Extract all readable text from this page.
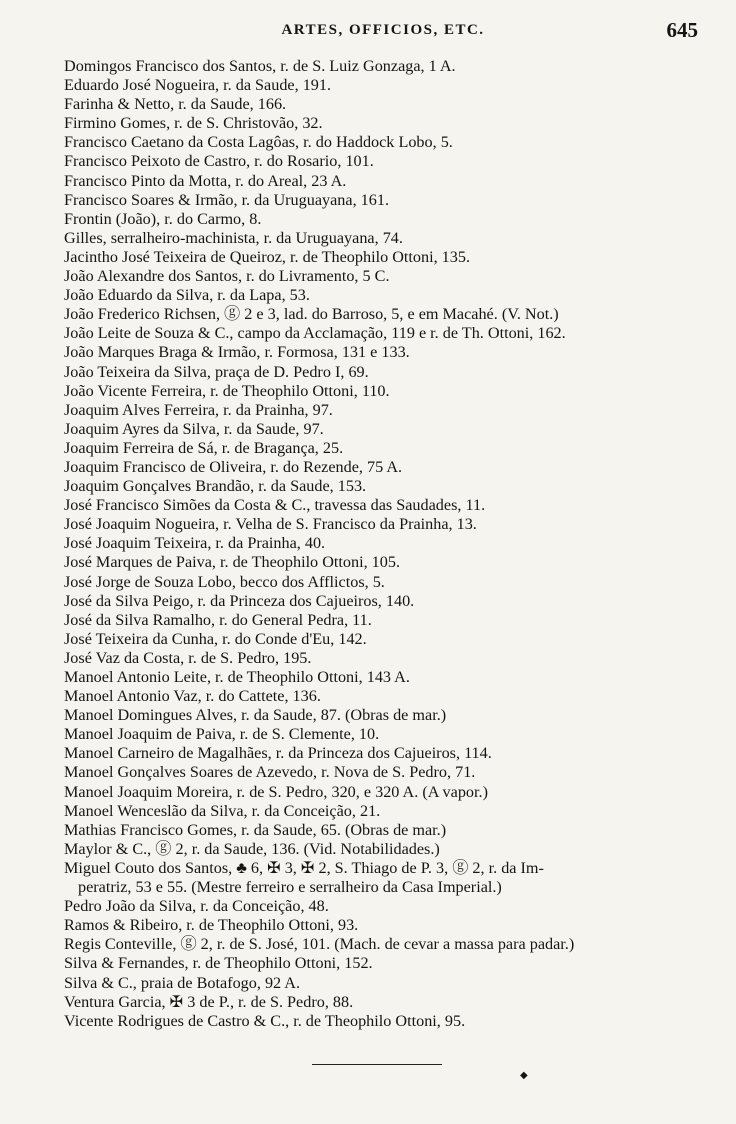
ARTES, OFFICIOS, ETC.	645
Domingos Francisco dos Santos, r. de S. Luiz Gonzaga, 1 A.
Eduardo José Nogueira, r. da Saude, 191.
Farinha & Netto, r. da Saude, 166.
Firmino Gomes, r. de S. Christovão, 32.
Francisco Caetano da Costa Lagôas, r. do Haddock Lobo, 5.
Francisco Peixoto de Castro, r. do Rosario, 101.
Francisco Pinto da Motta, r. do Areal, 23 A.
Francisco Soares & Irmão, r. da Uruguayana, 161.
Frontin (João), r. do Carmo, 8.
Gilles, serralheiro-machinista, r. da Uruguayana, 74.
Jacintho José Teixeira de Queiroz, r. de Theophilo Ottoni, 135.
João Alexandre dos Santos, r. do Livramento, 5 C.
João Eduardo da Silva, r. da Lapa, 53.
João Frederico Richsen, ⓖ 2 e 3, lad. do Barroso, 5, e em Macahé. (V. Not.)
João Leite de Souza & C., campo da Acclamação, 119 e r. de Th. Ottoni, 162.
João Marques Braga & Irmão, r. Formosa, 131 e 133.
João Teixeira da Silva, praça de D. Pedro I, 69.
João Vicente Ferreira, r. de Theophilo Ottoni, 110.
Joaquim Alves Ferreira, r. da Prainha, 97.
Joaquim Ayres da Silva, r. da Saude, 97.
Joaquim Ferreira de Sá, r. de Bragança, 25.
Joaquim Francisco de Oliveira, r. do Rezende, 75 A.
Joaquim Gonçalves Brandão, r. da Saude, 153.
José Francisco Simões da Costa & C., travessa das Saudades, 11.
José Joaquim Nogueira, r. Velha de S. Francisco da Prainha, 13.
José Joaquim Teixeira, r. da Prainha, 40.
José Marques de Paiva, r. de Theophilo Ottoni, 105.
José Jorge de Souza Lobo, becco dos Afflictos, 5.
José da Silva Peigo, r. da Princeza dos Cajueiros, 140.
José da Silva Ramalho, r. do General Pedra, 11.
José Teixeira da Cunha, r. do Conde d'Eu, 142.
José Vaz da Costa, r. de S. Pedro, 195.
Manoel Antonio Leite, r. de Theophilo Ottoni, 143 A.
Manoel Antonio Vaz, r. do Cattete, 136.
Manoel Domingues Alves, r. da Saude, 87. (Obras de mar.)
Manoel Joaquim de Paiva, r. de S. Clemente, 10.
Manoel Carneiro de Magalhães, r. da Princeza dos Cajueiros, 114.
Manoel Gonçalves Soares de Azevedo, r. Nova de S. Pedro, 71.
Manoel Joaquim Moreira, r. de S. Pedro, 320, e 320 A. (A vapor.)
Manoel Wenceslão da Silva, r. da Conceição, 21.
Mathias Francisco Gomes, r. da Saude, 65. (Obras de mar.)
Maylor & C., ⓖ 2, r. da Saude, 136. (Vid. Notabilidades.)
Miguel Couto dos Santos, ♣ 6, ✠ 3, ✠ 2, S. Thiago de P. 3, ⓖ 2, r. da Im-
peratriz, 53 e 55. (Mestre ferreiro e serralheiro da Casa Imperial.)
Pedro João da Silva, r. da Conceição, 48.
Ramos & Ribeiro, r. de Theophilo Ottoni, 93.
Regis Conteville, ⓖ 2, r. de S. José, 101. (Mach. de cevar a massa para padar.)
Silva & Fernandes, r. de Theophilo Ottoni, 152.
Silva & C., praia de Botafogo, 92 A.
Ventura Garcia, ✠ 3 de P., r. de S. Pedro, 88.
Vicente Rodrigues de Castro & C., r. de Theophilo Ottoni, 95.
◆
